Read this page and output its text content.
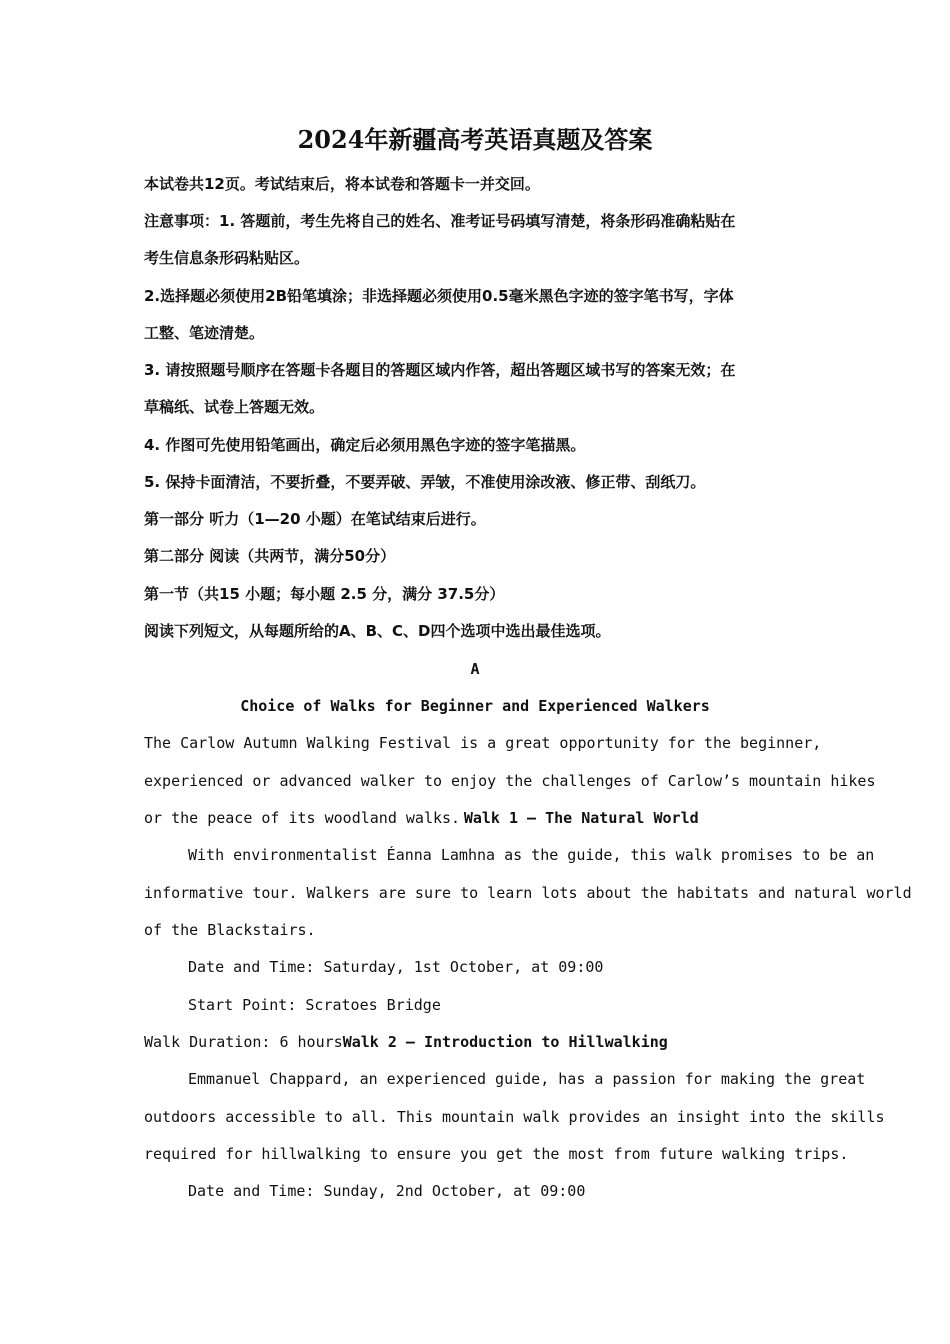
2024年新疆高考英语真题及答案
本试卷共12页。考试结束后，将本试卷和答题卡一并交回。
注意事项：1. 答题前，考生先将自己的姓名、准考证号码填写清楚，将条形码准确粘贴在
考生信息条形码粘贴区。
2.选择题必须使用2B铅笔填涂；非选择题必须使用0.5毫米黑色字迹的签字笔书写，字体
工整、笔迹清楚。
3. 请按照题号顺序在答题卡各题目的答题区域内作答，超出答题区域书写的答案无效；在
草稿纸、试卷上答题无效。
4. 作图可先使用铅笔画出，确定后必须用黑色字迹的签字笔描黑。
5. 保持卡面清洁，不要折叠，不要弄破、弄皱，不准使用涂改液、修正带、刮纸刀。
第一部分 听力（1—20 小题）在笔试结束后进行。
第二部分 阅读（共两节，满分50分）
第一节（共15 小题；每小题 2.5 分，满分 37.5分）
阅读下列短文，从每题所给的A、B、C、D四个选项中选出最佳选项。
A
Choice of Walks for Beginner and Experienced Walkers
The Carlow Autumn Walking Festival is a great opportunity for the beginner,
experienced or advanced walker to enjoy the challenges of Carlow’s mountain hikes
or the peace of its woodland walks. Walk 1 — The Natural World
With environmentalist Éanna Lamhna as the guide, this walk promises to be an
informative tour. Walkers are sure to learn lots about the habitats and natural world
of the Blackstairs.
Date and Time: Saturday, 1st October, at 09:00
Start Point: Scratoes Bridge
Walk Duration: 6 hoursWalk 2 — Introduction to Hillwalking
Emmanuel Chappard, an experienced guide, has a passion for making the great
outdoors accessible to all. This mountain walk provides an insight into the skills
required for hillwalking to ensure you get the most from future walking trips.
Date and Time: Sunday, 2nd October, at 09:00
